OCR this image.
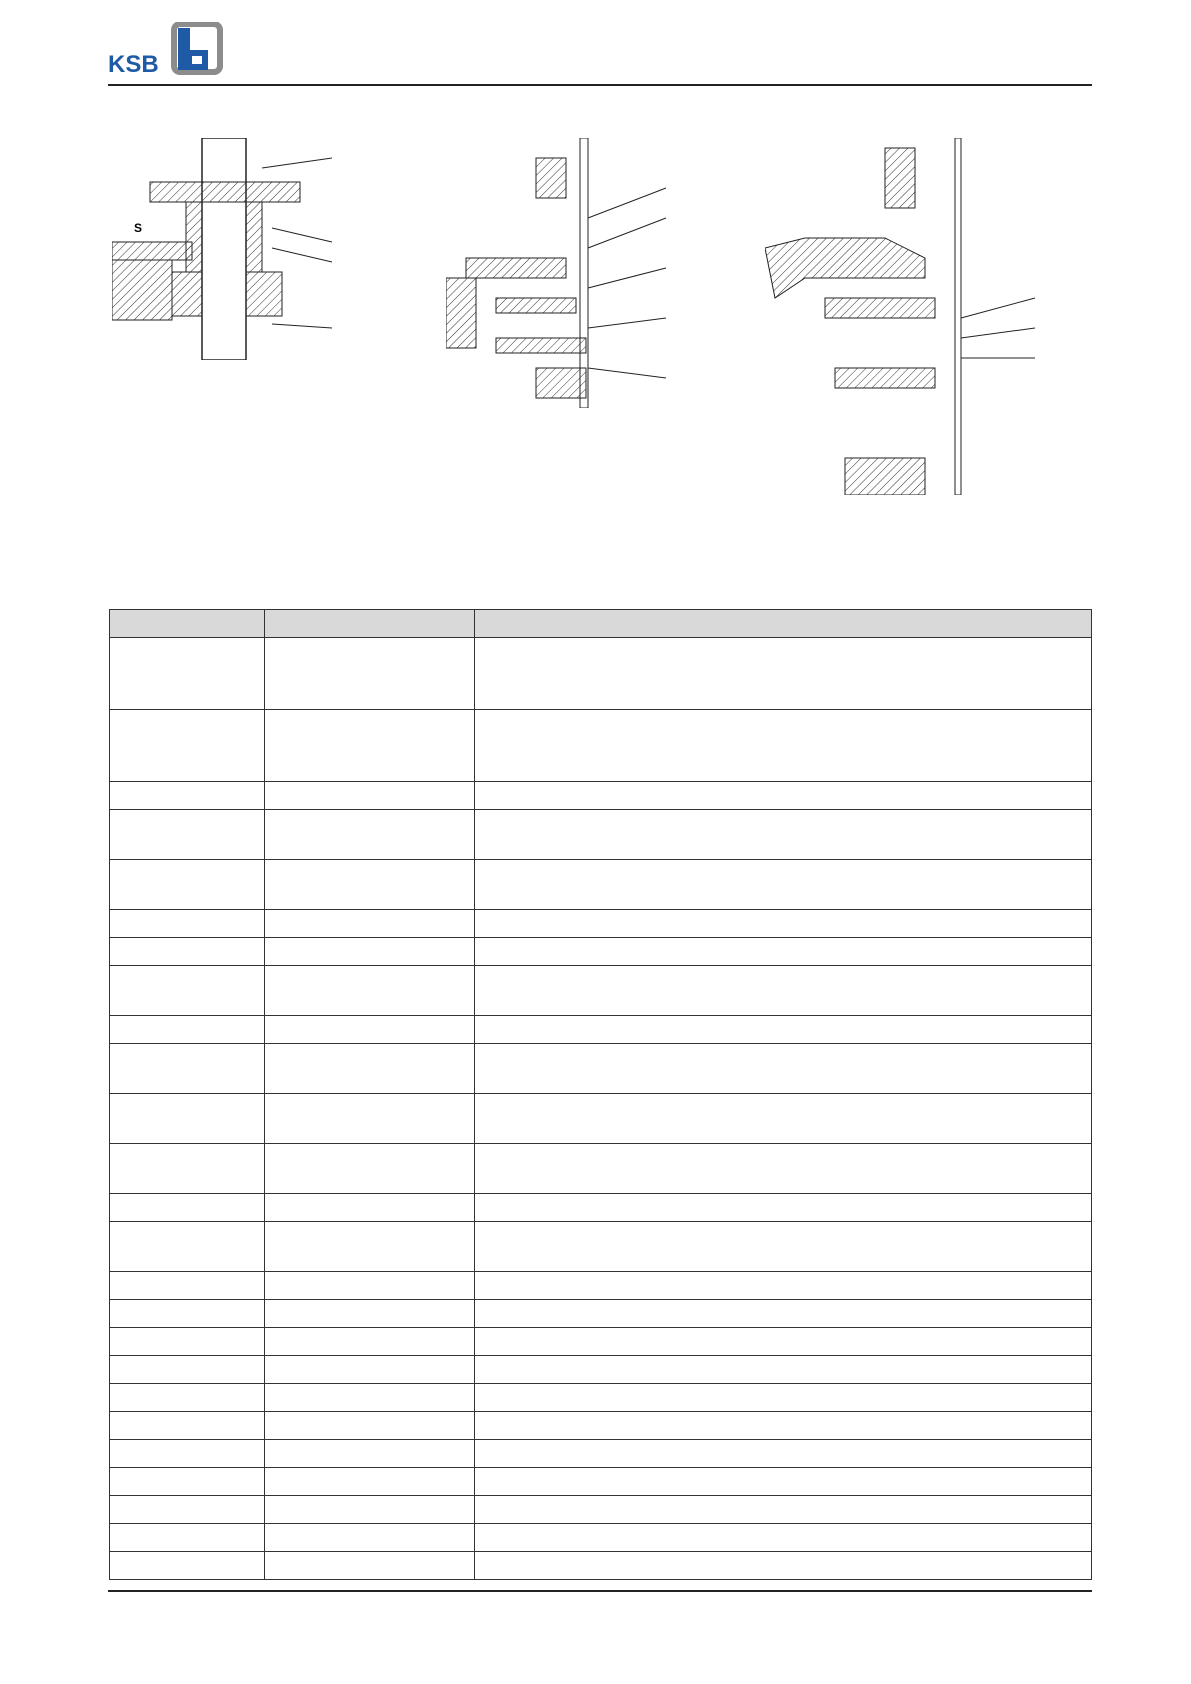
KSB
S
